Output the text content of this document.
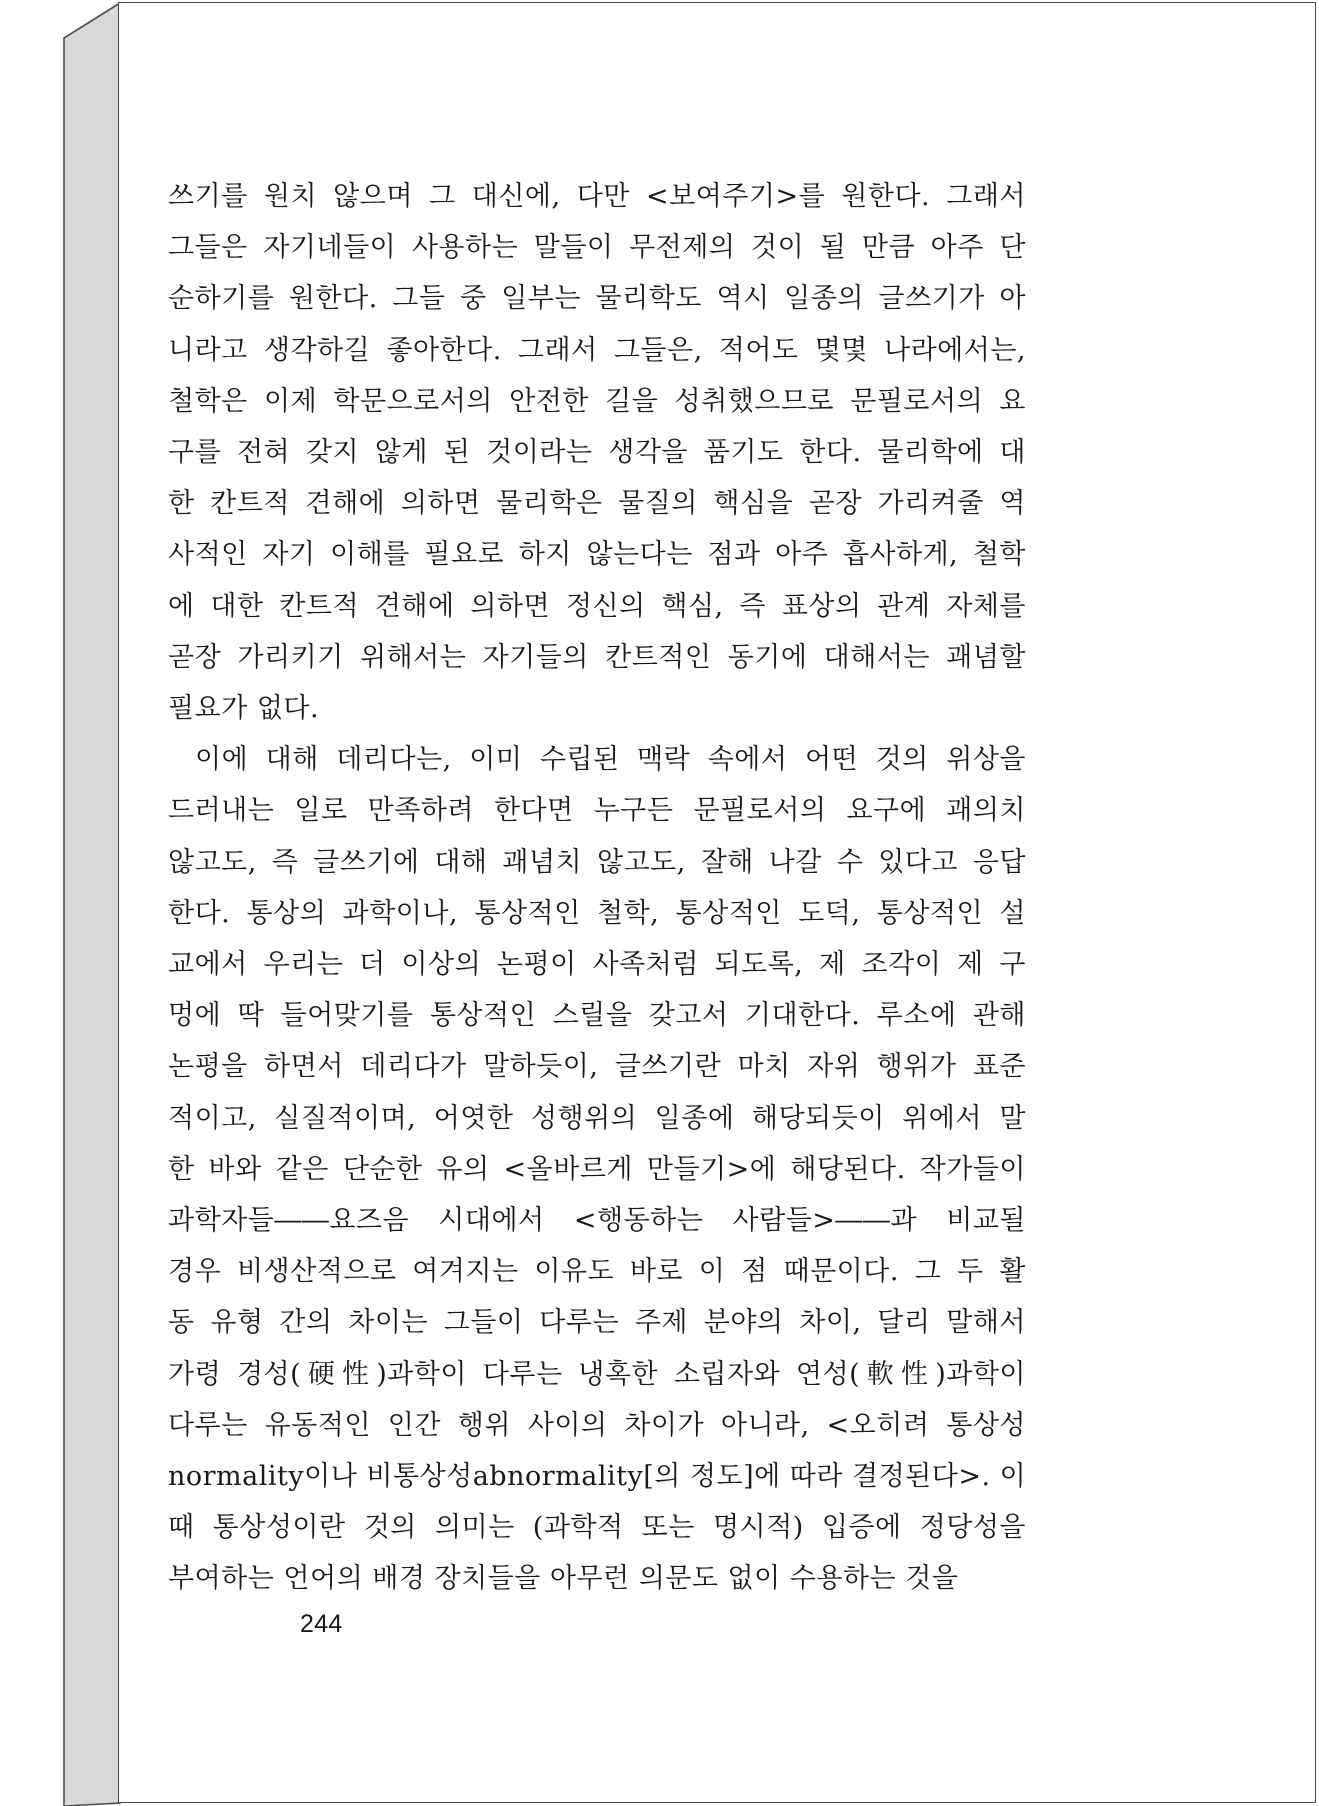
쓰기를 원치 않으며 그 대신에, 다만 <보여주기>를 원한다. 그래서
그들은 자기네들이 사용하는 말들이 무전제의 것이 될 만큼 아주 단
순하기를 원한다. 그들 중 일부는 물리학도 역시 일종의 글쓰기가 아
니라고 생각하길 좋아한다. 그래서 그들은, 적어도 몇몇 나라에서는,
철학은 이제 학문으로서의 안전한 길을 성취했으므로 문필로서의 요
구를 전혀 갖지 않게 된 것이라는 생각을 품기도 한다. 물리학에 대
한 칸트적 견해에 의하면 물리학은 물질의 핵심을 곧장 가리켜줄 역
사적인 자기 이해를 필요로 하지 않는다는 점과 아주 흡사하게, 철학
에 대한 칸트적 견해에 의하면 정신의 핵심, 즉 표상의 관계 자체를
곧장 가리키기 위해서는 자기들의 칸트적인 동기에 대해서는 괘념할
필요가 없다.

이에 대해 데리다는, 이미 수립된 맥락 속에서 어떤 것의 위상을
드러내는 일로 만족하려 한다면 누구든 문필로서의 요구에 괘의치
않고도, 즉 글쓰기에 대해 괘념치 않고도, 잘해 나갈 수 있다고 응답
한다. 통상의 과학이나, 통상적인 철학, 통상적인 도덕, 통상적인 설
교에서 우리는 더 이상의 논평이 사족처럼 되도록, 제 조각이 제 구
멍에 딱 들어맞기를 통상적인 스릴을 갖고서 기대한다. 루소에 관해
논평을 하면서 데리다가 말하듯이, 글쓰기란 마치 자위 행위가 표준
적이고, 실질적이며, 어엿한 성행위의 일종에 해당되듯이 위에서 말
한 바와 같은 단순한 유의 <올바르게 만들기>에 해당된다. 작가들이
과학자들――요즈음 시대에서 <행동하는 사람들>――과 비교될
경우 비생산적으로 여겨지는 이유도 바로 이 점 때문이다. 그 두 활
동 유형 간의 차이는 그들이 다루는 주제 분야의 차이, 달리 말해서
가령 경성(硬性)과학이 다루는 냉혹한 소립자와 연성(軟性)과학이
다루는 유동적인 인간 행위 사이의 차이가 아니라, <오히려 통상성
normality이나 비통상성abnormality[의 정도]에 따라 결정된다>. 이
때 통상성이란 것의 의미는 (과학적 또는 명시적) 입증에 정당성을
부여하는 언어의 배경 장치들을 아무런 의문도 없이 수용하는 것을

244
